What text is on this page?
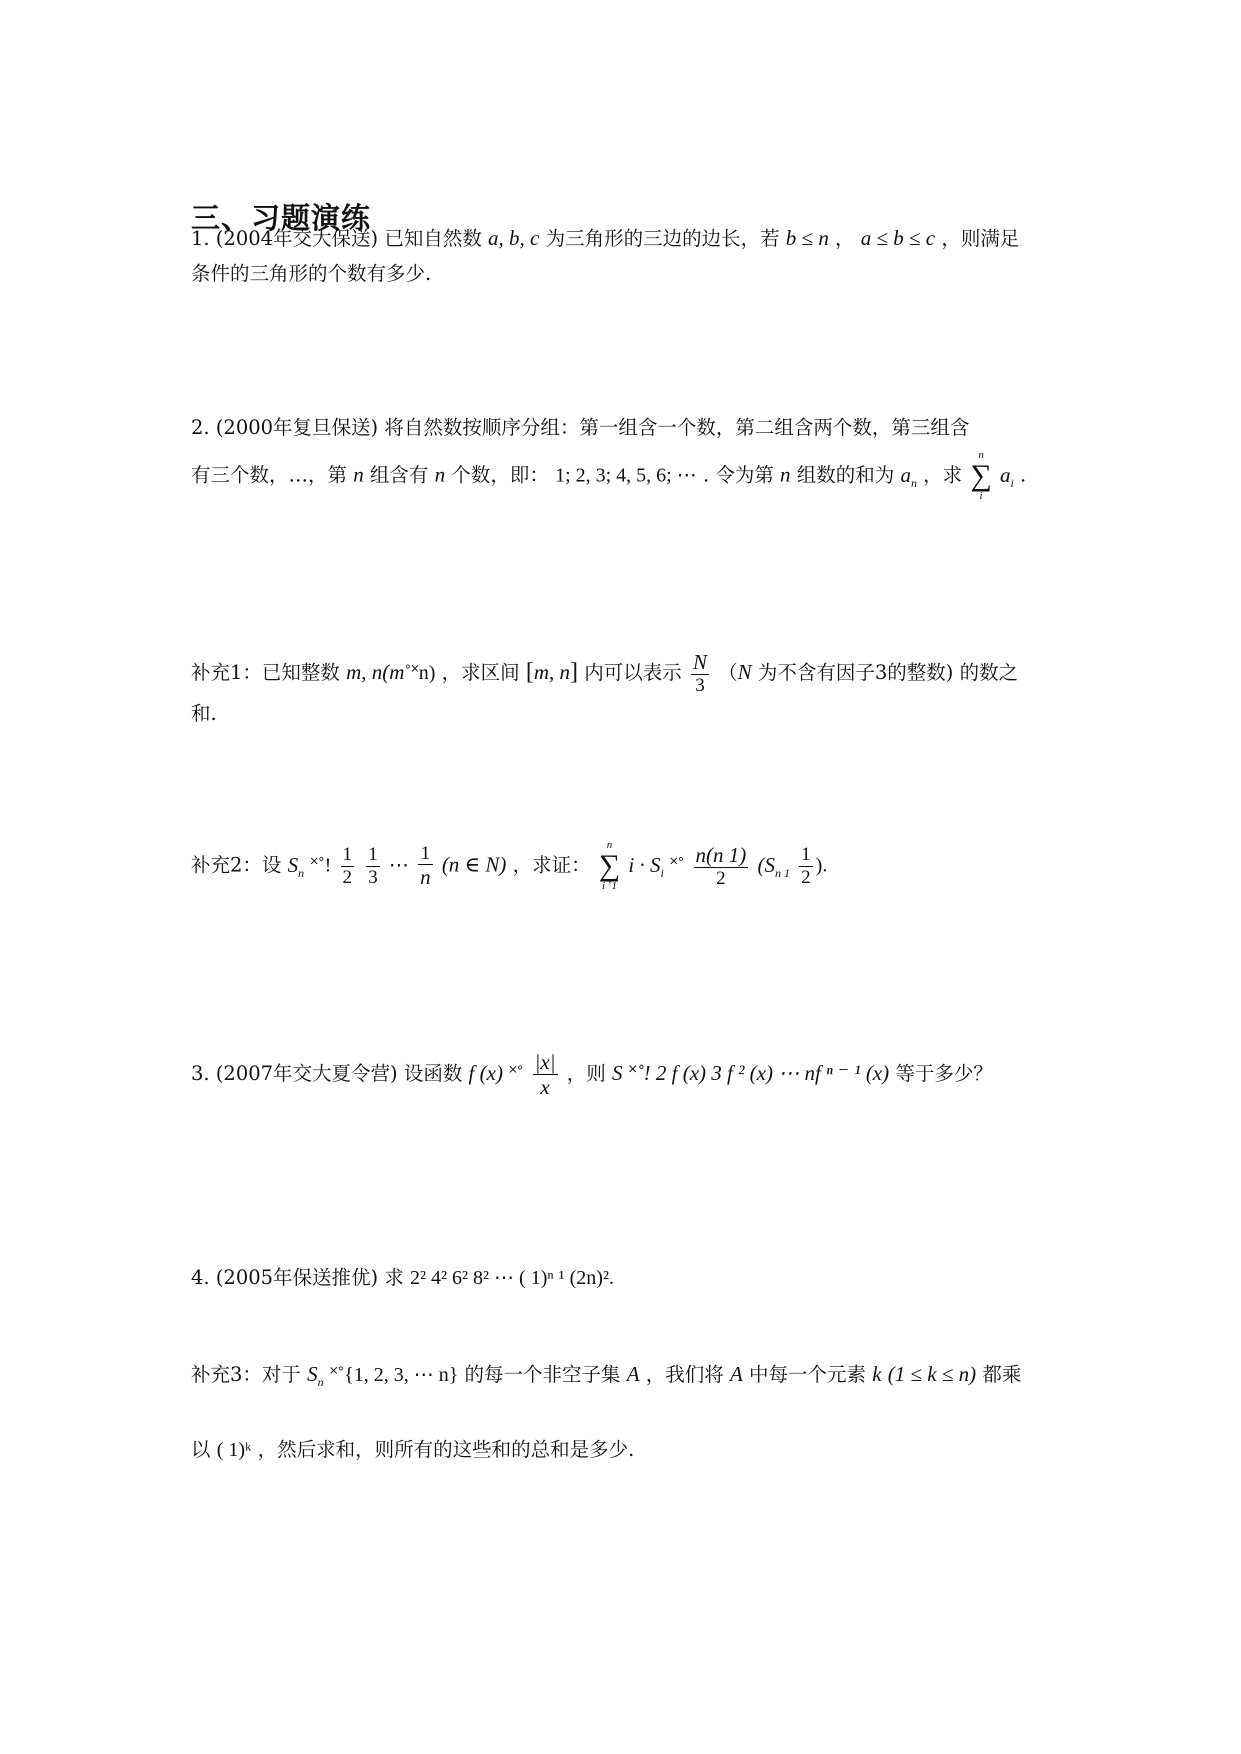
三、习题演练
1. (2004年交大保送) 已知自然数 a, b, c 为三角形的三边的边长，若 b ≤ n ， a ≤ b ≤ c ，则满足
条件的三角形的个数有多少.
2. (2000年复旦保送) 将自然数按顺序分组：第一组含一个数，第二组含两个数，第三组含
有三个数，…，第 n 组含有 n 个数，即： 1; 2, 3; 4, 5, 6; ⋯ . 令为第 n 组数的和为 $a_n$ ，求
n
∑
i
$a_i$ .
补充1：已知整数 m, n(m˚˟n) ，求区间 [m, n] 内可以表示 $\frac{N}{3} (N$ 为不含有因子3的整数) 的数之
和.
补充2：设 $S_n$ ˟˚! $\frac{1}{2}$
$\frac{1}{3}$ ⋯ $\frac{1}{n} (n$ ∈ N) ，求证：
n
∑
i ˚1
$i \cdot S_i$ ˟˚ $\frac{n(n 1)}{2} (S_{n 1} \frac{1}{2}$ ).
3. (2007年交大夏令营) 设函数 f (x) ˟˚ $\frac{|x|}{x}$ ，则 S ˟˚! 2 f (x) 3 f ² (x) ⋯ nf ⁿ ⁻ ¹ (x) 等于多少？
4. (2005年保送推优) 求 2² 4² 6² 8² ⋯ ( 1)ⁿ ¹ (2n)².
补充3：对于 $S_n$ ˟˚{1, 2, 3, ⋯ n} 的每一个非空子集 A ，我们将 A 中每一个元素 k (1 ≤ k ≤ n) 都乘
以 ( 1)ᵏ ，然后求和，则所有的这些和的总和是多少.
